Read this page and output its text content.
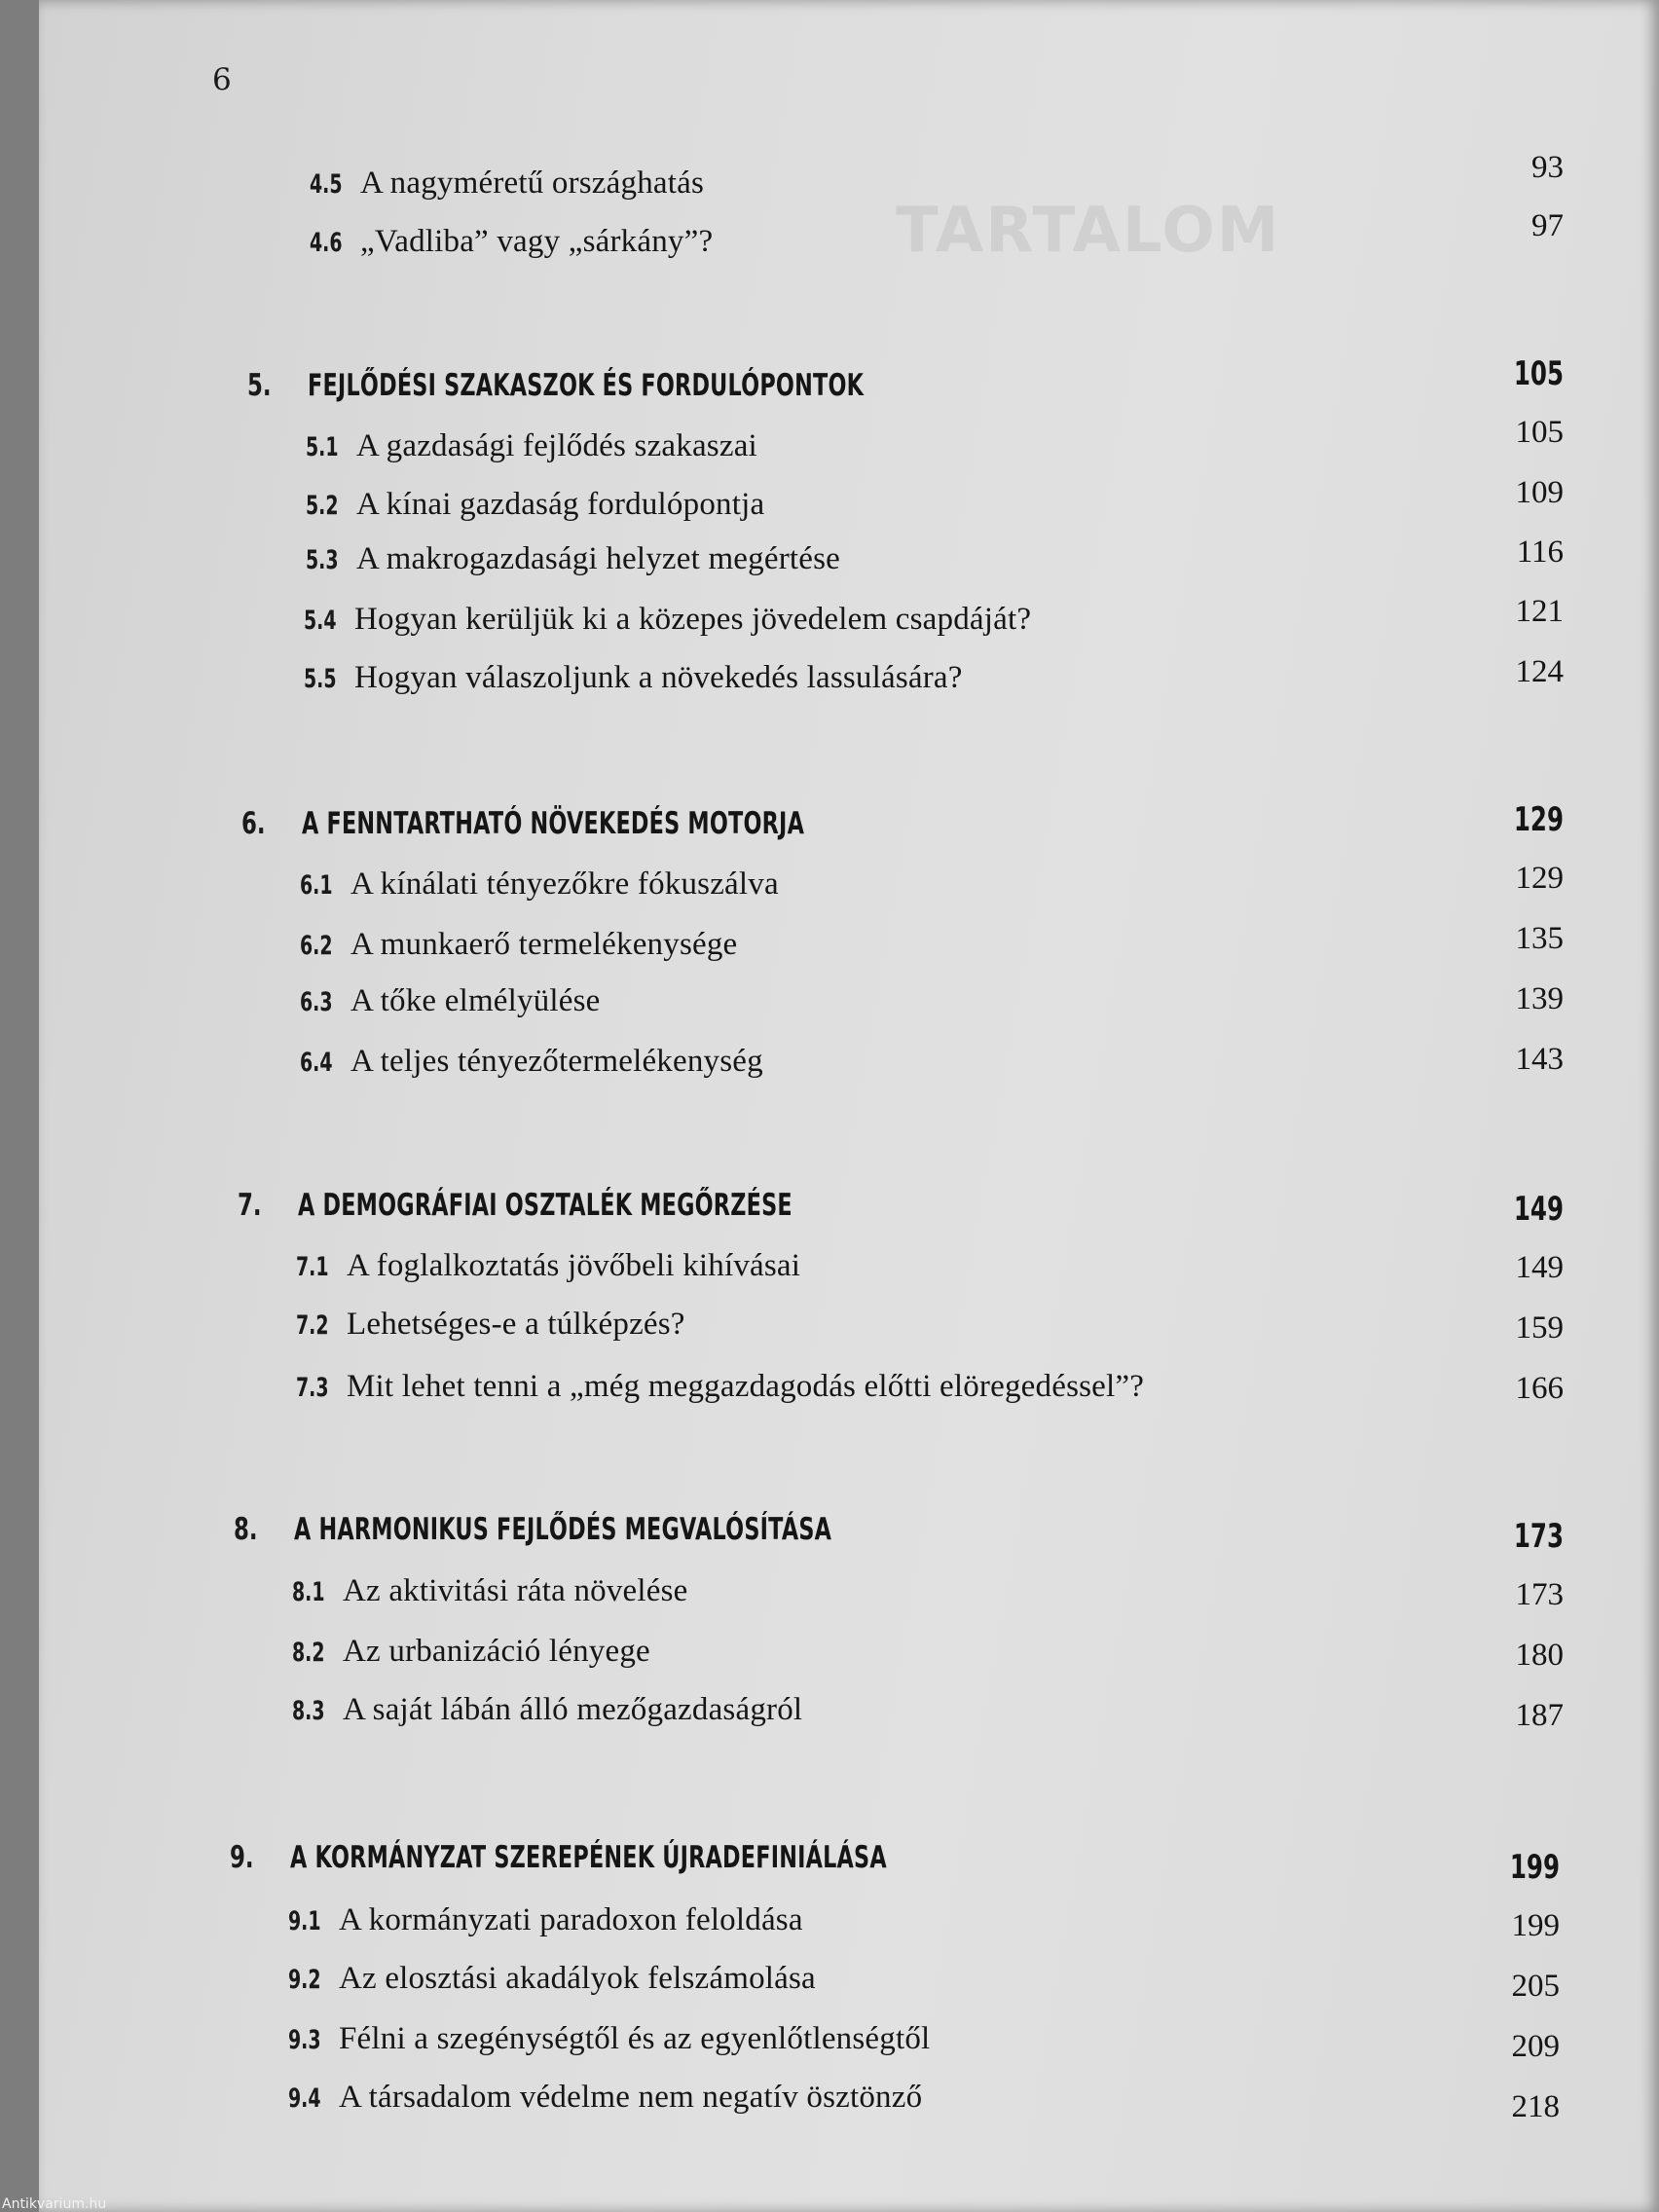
TARTALOM
6
4.5 A nagyméretű országhatás	93
4.6 „Vadliba” vagy „sárkány”?	97
5.	FEJLŐDÉSI SZAKASZOK ÉS FORDULÓPONTOK	105
5.1 A gazdasági fejlődés szakaszai	105
5.2 A kínai gazdaság fordulópontja	109
5.3 A makrogazdasági helyzet megértése	116
5.4 Hogyan kerüljük ki a közepes jövedelem csapdáját?	121
5.5 Hogyan válaszoljunk a növekedés lassulására?	124
6.	A FENNTARTHATÓ NÖVEKEDÉS MOTORJA	129
6.1 A kínálati tényezőkre fókuszálva	129
6.2 A munkaerő termelékenysége	135
6.3 A tőke elmélyülése	139
6.4 A teljes tényezőtermelékenység	143
7.	A DEMOGRÁFIAI OSZTALÉK MEGŐRZÉSE	149
7.1 A foglalkoztatás jövőbeli kihívásai	149
7.2 Lehetséges-e a túlképzés?	159
7.3 Mit lehet tenni a „még meggazdagodás előtti elöregedéssel”?	166
8.	A HARMONIKUS FEJLŐDÉS MEGVALÓSÍTÁSA	173
8.1 Az aktivitási ráta növelése	173
8.2 Az urbanizáció lényege	180
8.3 A saját lábán álló mezőgazdaságról	187
9.	A KORMÁNYZAT SZEREPÉNEK ÚJRADEFINIÁLÁSA	199
9.1 A kormányzati paradoxon feloldása	199
9.2 Az elosztási akadályok felszámolása	205
9.3 Félni a szegénységtől és az egyenlőtlenségtől	209
9.4 A társadalom védelme nem negatív ösztönző	218
Antikvarium.hu
